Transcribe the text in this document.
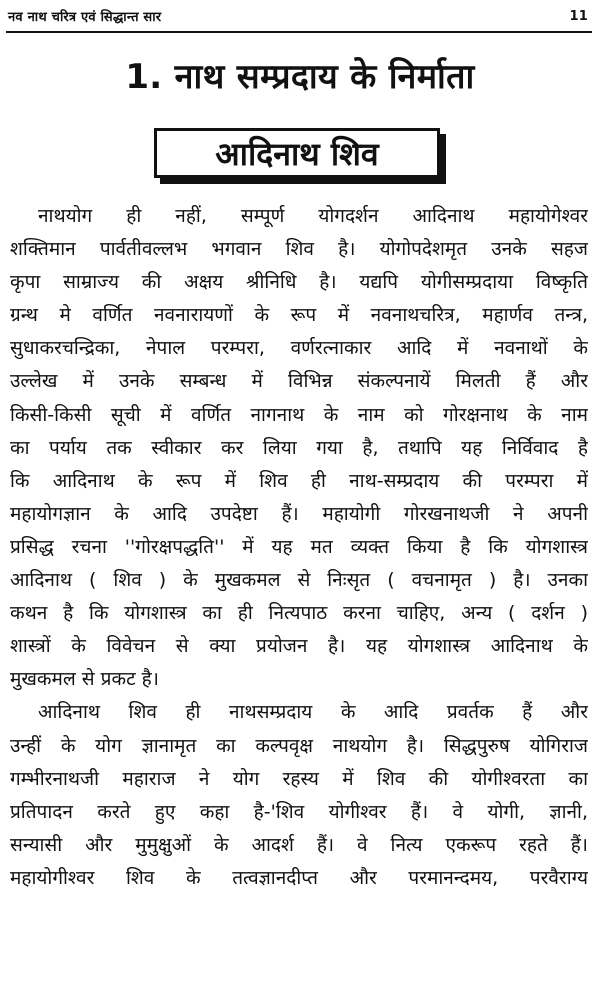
नव नाथ चरित्र एवं सिद्धान्त सार	11
1. नाथ सम्प्रदाय के निर्माता
आदिनाथ शिव
नाथयोग ही नहीं, सम्पूर्ण योगदर्शन आदिनाथ महायोगेश्वर
शक्तिमान पार्वतीवल्लभ भगवान शिव है। योगोपदेशमृत उनके सहज
कृपा साम्राज्य की अक्षय श्रीनिधि है। यद्यपि योगीसम्प्रदाया विष्कृति
ग्रन्थ मे वर्णित नवनारायणों के रूप में नवनाथचरित्र, महार्णव तन्त्र,
सुधाकरचन्द्रिका, नेपाल परम्परा, वर्णरत्नाकार आदि में नवनाथों के
उल्लेख में उनके सम्बन्ध में विभिन्न संकल्पनायें मिलती हैं और
किसी-किसी सूची में वर्णित नागनाथ के नाम को गोरक्षनाथ के नाम
का पर्याय तक स्वीकार कर लिया गया है, तथापि यह निर्विवाद है
कि आदिनाथ के रूप में शिव ही नाथ-सम्प्रदाय की परम्परा में
महायोगज्ञान के आदि उपदेष्टा हैं। महायोगी गोरखनाथजी ने अपनी
प्रसिद्ध रचना ''गोरक्षपद्धति'' में यह मत व्यक्त किया है कि योगशास्त्र
आदिनाथ ( शिव ) के मुखकमल से निःसृत ( वचनामृत ) है। उनका
कथन है कि योगशास्त्र का ही नित्यपाठ करना चाहिए, अन्य ( दर्शन )
शास्त्रों के विवेचन से क्या प्रयोजन है। यह योगशास्त्र आदिनाथ के
मुखकमल से प्रकट है।
आदिनाथ शिव ही नाथसम्प्रदाय के आदि प्रवर्तक हैं और
उन्हीं के योग ज्ञानामृत का कल्पवृक्ष नाथयोग है। सिद्धपुरुष योगिराज
गम्भीरनाथजी महाराज ने योग रहस्य में शिव की योगीश्वरता का
प्रतिपादन करते हुए कहा है-'शिव योगीश्वर हैं। वे योगी, ज्ञानी,
सन्यासी और मुमुक्षुओं के आदर्श हैं। वे नित्य एकरूप रहते हैं।
महायोगीश्वर शिव के तत्वज्ञानदीप्त और परमानन्दमय, परवैराग्य
